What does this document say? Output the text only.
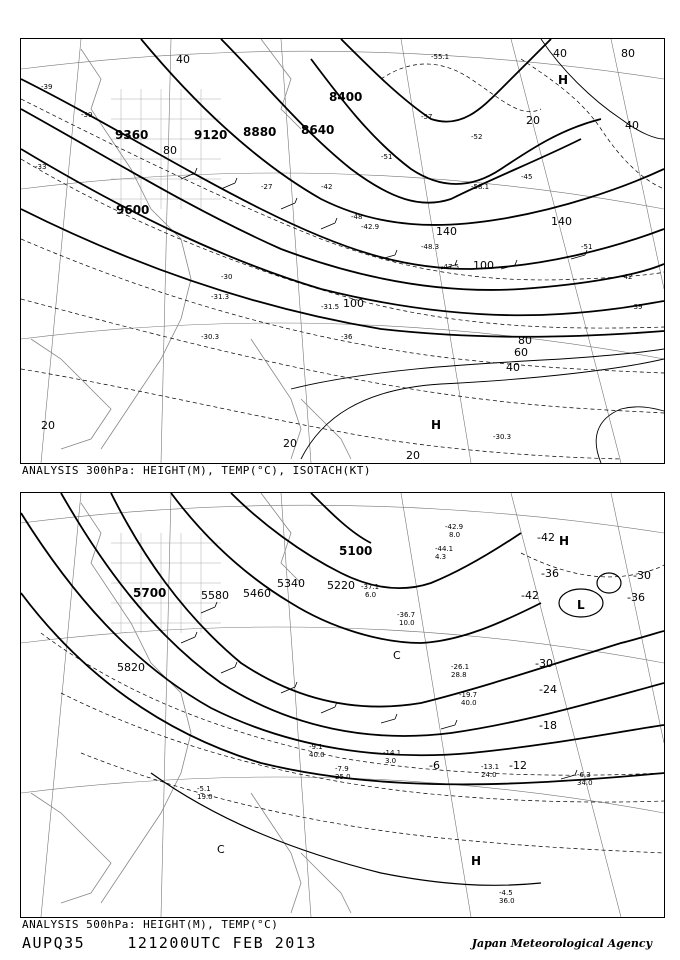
9360	9120 8880 8640
8400
9600
40
80
100
140
140
100
80
60
40
20
20
20
40	80
40
20
-39
-33
-39
-42
-48
-51
-57
-52
-45
-51
-42
-39
-30
-31.3
-31.5
-30.3
-30.3
-42.9
-48.3
-55.1
-47.5
-58.1
-36
-27
H
H
ANALYSIS 300hPa: HEIGHT(M), TEMP(°C), ISOTACH(KT)
5700	5580 5460
5340 5220
5100
5820
-42
-36
-36
-30
-24
-18
-12
-6
-30
-42
-42.9
8.0
-44.1
4.3
-37.1
6.0
-36.7
10.0
-26.1
28.8
-19.7
40.0
-14.1
3.0
-13.1
24.0	-6.3
34.0
-4.5
36.0
-5.1
19.0
-7.9
25.0
-9.1
40.0
H
H
L
C
C
ANALYSIS 500hPa: HEIGHT(M), TEMP(°C)
AUPQ35	121200UTC FEB 2013	Japan Meteorological Agency
